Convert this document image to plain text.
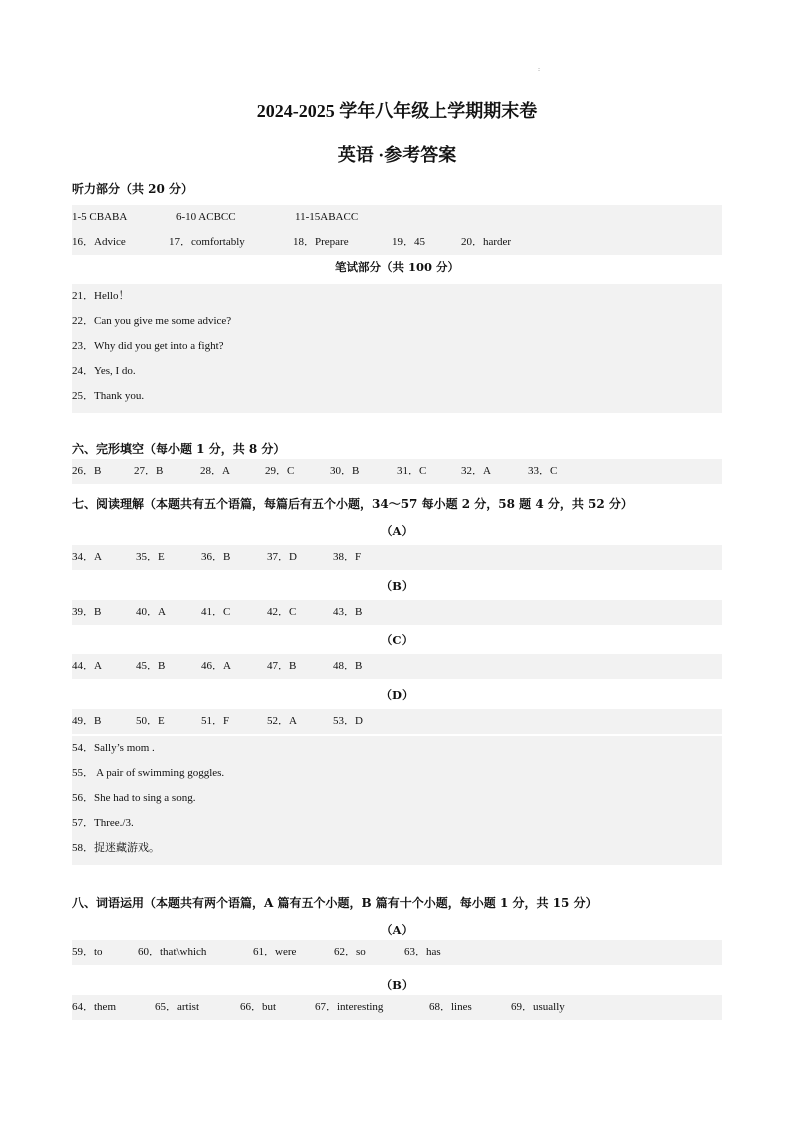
:
2024-2025 学年八年级上学期期末卷
英语 ·参考答案
听力部分（共 20 分）
1-5 CBABA	6-10 ACBCC	11-15ABACC
16．Advice	17．comfortably	18．Prepare	19．45	20．harder
笔试部分（共 100 分）
21．Hello！
22．Can you give me some advice?
23．Why did you get into a fight?
24．Yes, I do.
25．Thank you.
六、完形填空（每小题 1 分，共 8 分）
26．B	27．B	28．A	29．C	30．B	31．C	32．A	33．C
七、阅读理解（本题共有五个语篇，每篇后有五个小题，34～57 每小题 2 分，58 题 4 分，共 52 分）
（A）
34．A	35．E	36．B	37．D	38．F
（B）
39．B	40．A	41．C	42．C	43．B
（C）
44．A	45．B	46．A	47．B	48．B
（D）
49．B	50．E	51．F	52．A	53．D
54．Sally’s mom .
55． A pair of swimming goggles.
56．She had to sing a song.
57．Three./3.
58．捉迷藏游戏。
八、词语运用（本题共有两个语篇，A 篇有五个小题，B 篇有十个小题，每小题 1 分，共 15 分）
（A）
59．to	60．that\which	61．were	62．so	63．has
（B）
64．them	65．artist	66．but	67．interesting	68．lines	69．usually
